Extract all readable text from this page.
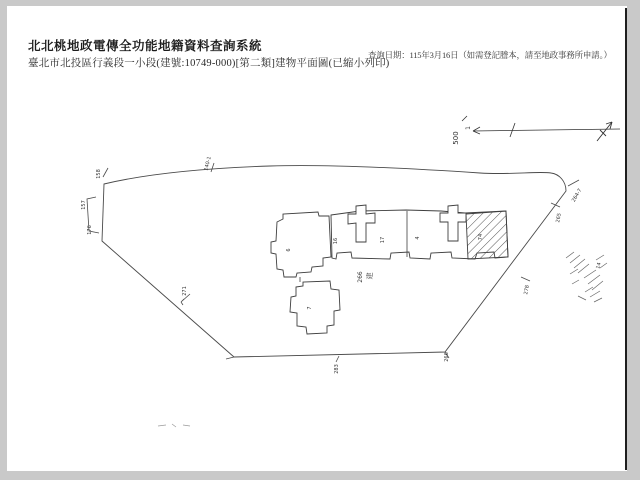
北北桃地政電傳全功能地籍資料查詢系統
臺北市北投區行義段一小段(建號:10749-000)[第二類]建物平面圖(已縮小列印)
查詢日期：115年3月16日（如需登記謄本，請至地政事務所申請。）
500
1
158
140-1
157
176
271
283
266
278
265
264-7
266 建
16	17	4	74
6
7
14
